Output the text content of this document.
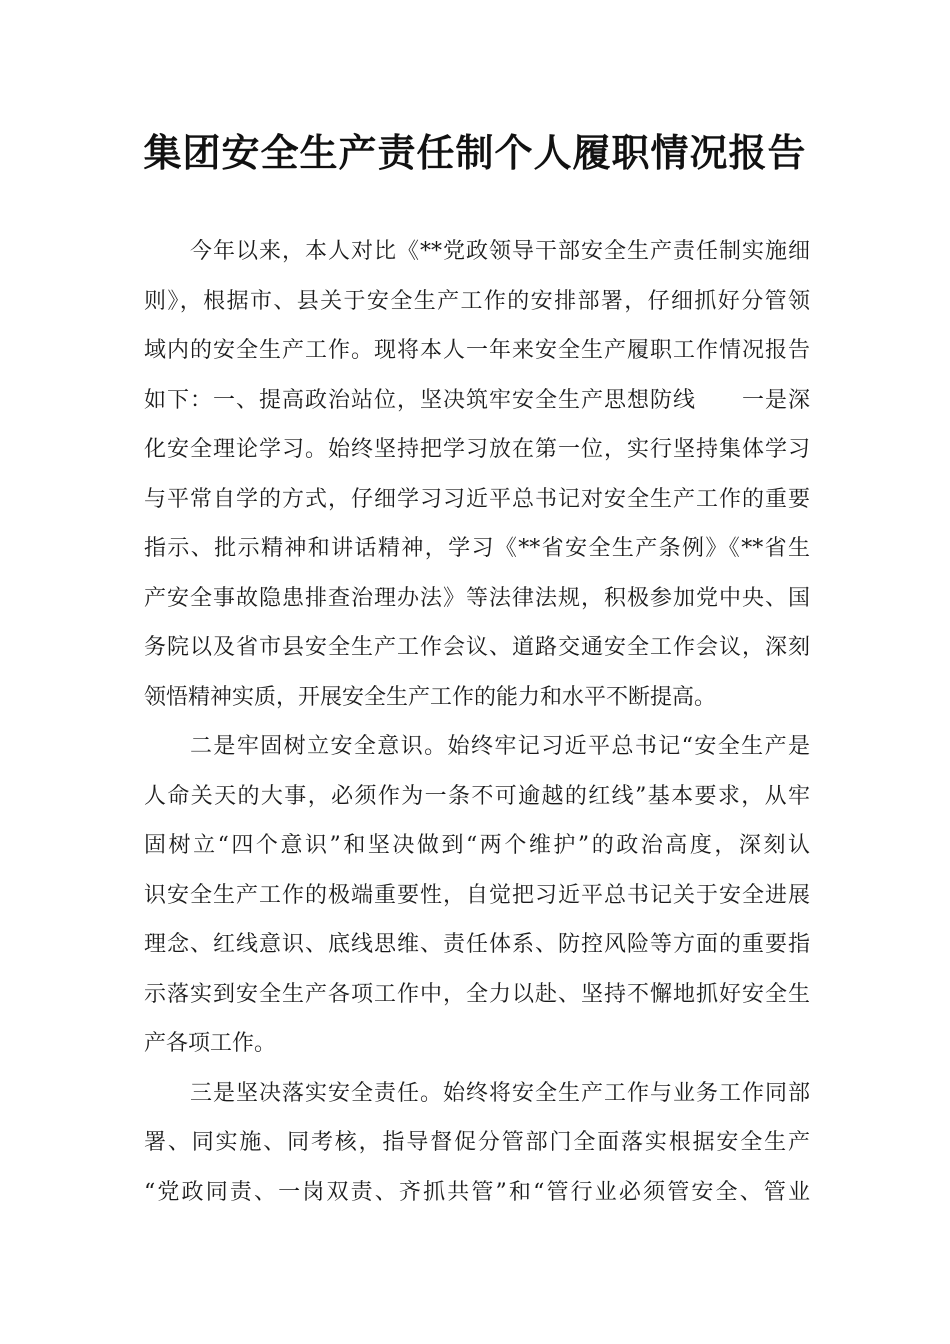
集团安全生产责任制个人履职情况报告
今年以来，本人对比《**党政领导干部安全生产责任制实施细
则》，根据市、县关于安全生产工作的安排部署，仔细抓好分管领
域内的安全生产工作。现将本人一年来安全生产履职工作情况报告
如下：一、提高政治站位，坚决筑牢安全生产思想防线　　一是深
化安全理论学习。始终坚持把学习放在第一位，实行坚持集体学习
与平常自学的方式，仔细学习习近平总书记对安全生产工作的重要
指示、批示精神和讲话精神，学习《**省安全生产条例》《**省生
产安全事故隐患排查治理办法》等法律法规，积极参加党中央、国
务院以及省市县安全生产工作会议、道路交通安全工作会议，深刻
领悟精神实质，开展安全生产工作的能力和水平不断提高。
二是牢固树立安全意识。始终牢记习近平总书记“安全生产是
人命关天的大事，必须作为一条不可逾越的红线”基本要求，从牢
固树立“四个意识”和坚决做到“两个维护”的政治高度，深刻认
识安全生产工作的极端重要性，自觉把习近平总书记关于安全进展
理念、红线意识、底线思维、责任体系、防控风险等方面的重要指
示落实到安全生产各项工作中，全力以赴、坚持不懈地抓好安全生
产各项工作。
三是坚决落实安全责任。始终将安全生产工作与业务工作同部
署、同实施、同考核，指导督促分管部门全面落实根据安全生产
“党政同责、一岗双责、齐抓共管”和“管行业必须管安全、管业
